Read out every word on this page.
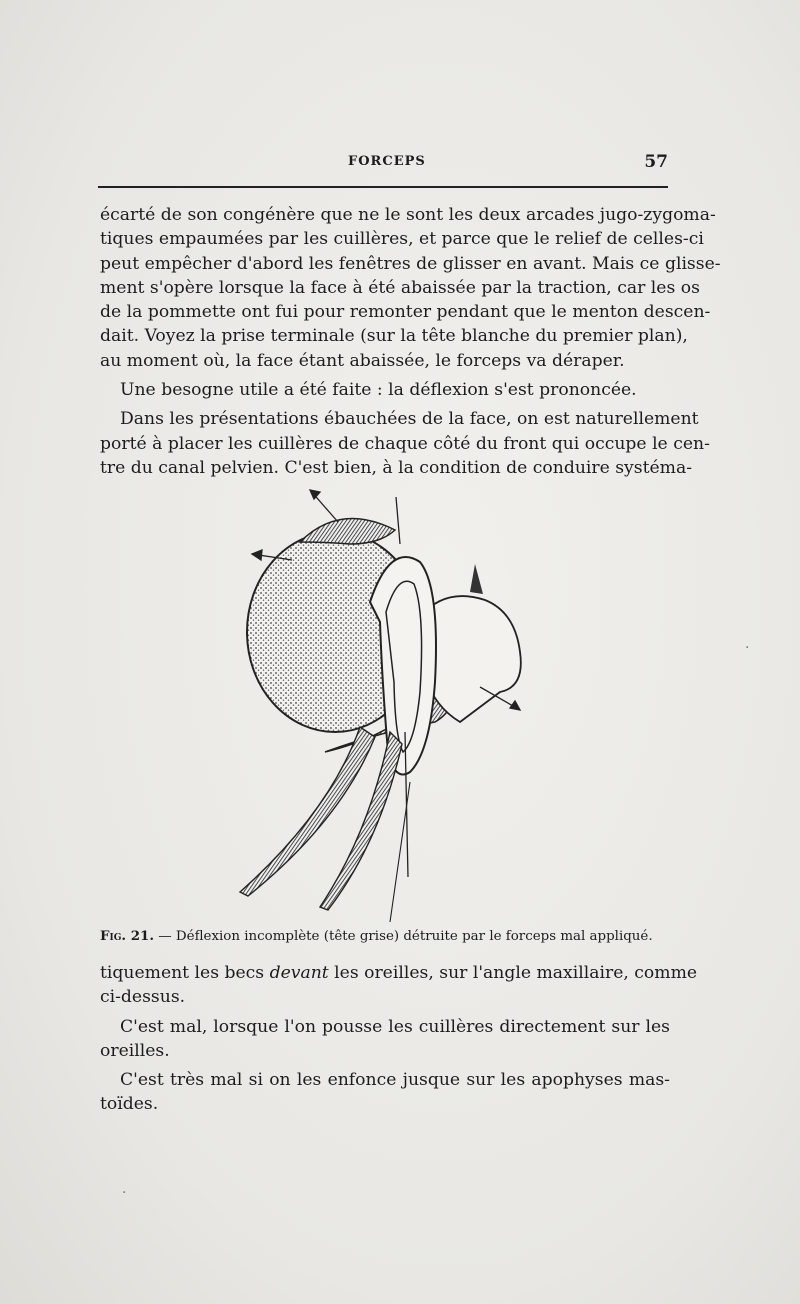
FORCEPS	57
écarté de son congénère que ne le sont les deux arcades jugo-zygoma-
tiques empaumées par les cuillères, et parce que le relief de celles-ci
peut empêcher d'abord les fenêtres de glisser en avant. Mais ce glisse-
ment s'opère lorsque la face à été abaissée par la traction, car les os
de la pommette ont fui pour remonter pendant que le menton descen-
dait. Voyez la prise terminale (sur la tête blanche du premier plan),
au moment où, la face étant abaissée, le forceps va déraper.
Une besogne utile a été faite : la déflexion s'est prononcée.
Dans les présentations ébauchées de la face, on est naturellement
porté à placer les cuillères de chaque côté du front qui occupe le cen-
tre du canal pelvien. C'est bien, à la condition de conduire systéma-
Fig. 21. — Déflexion incomplète (tête grise) détruite par le forceps mal appliqué.
tiquement les becs devant les oreilles, sur l'angle maxillaire, comme
ci-dessus.
C'est mal, lorsque l'on pousse les cuillères directement sur les
oreilles.
C'est très mal si on les enfonce jusque sur les apophyses mas-
toïdes.
·
·
